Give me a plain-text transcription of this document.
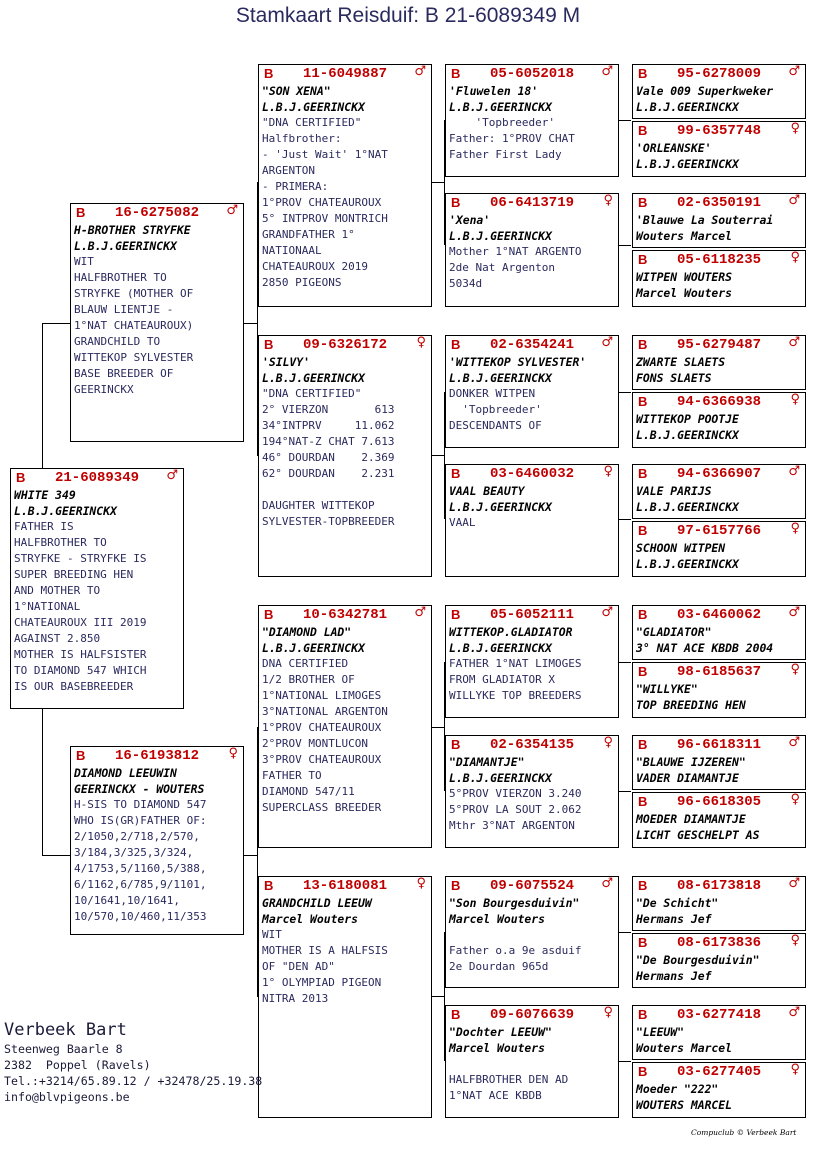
Stamkaart Reisduif: B 21-6089349 M
B	21-6089349	♂
WHITE 349
L.B.J.GEERINCKX
FATHER IS
HALFBROTHER TO
STRYFKE - STRYFKE IS
SUPER BREEDING HEN
AND MOTHER TO
1°NATIONAL
CHATEAUROUX III 2019
AGAINST 2.850
MOTHER IS HALFSISTER
TO DIAMOND 547 WHICH
IS OUR BASEBREEDER
B	16-6275082	♂
H-BROTHER STRYFKE
L.B.J.GEERINCKX
WIT
HALFBROTHER TO
STRYFKE (MOTHER OF
BLAUW LIENTJE -
1°NAT CHATEAUROUX)
GRANDCHILD TO
WITTEKOP SYLVESTER
BASE BREEDER OF
GEERINCKX
B	16-6193812	♀
DIAMOND LEEUWIN
GEERINCKX - WOUTERS
H-SIS TO DIAMOND 547
WHO IS(GR)FATHER OF:
2/1050,2/718,2/570,
3/184,3/325,3/324,
4/1753,5/1160,5/388,
6/1162,6/785,9/1101,
10/1641,10/1641,
10/570,10/460,11/353
B	11-6049887	♂
"SON XENA"
L.B.J.GEERINCKX
"DNA CERTIFIED"
Halfbrother:
- 'Just Wait' 1°NAT
ARGENTON
- PRIMERA:
1°PROV CHATEAUROUX
5° INTPROV MONTRICH
GRANDFATHER 1°
NATIONAAL
CHATEAUROUX 2019
2850 PIGEONS
B	09-6326172	♀
'SILVY'
L.B.J.GEERINCKX
"DNA CERTIFIED"
2° VIERZON       613
34°INTPRV     11.062
194°NAT-Z CHAT 7.613
46° DOURDAN    2.369
62° DOURDAN    2.231

DAUGHTER WITTEKOP
SYLVESTER-TOPBREEDER
B	10-6342781	♂
"DIAMOND LAD"
L.B.J.GEERINCKX
DNA CERTIFIED
1/2 BROTHER OF
1°NATIONAL LIMOGES
3°NATIONAL ARGENTON
1°PROV CHATEAUROUX
2°PROV MONTLUCON
3°PROV CHATEAUROUX
FATHER TO
DIAMOND 547/11
SUPERCLASS BREEDER
B	13-6180081	♀
GRANDCHILD LEEUW
Marcel Wouters
WIT
MOTHER IS A HALFSIS
OF "DEN AD"
1° OLYMPIAD PIGEON
NITRA 2013
B	05-6052018	♂
'Fluwelen 18'
L.B.J.GEERINCKX
'Topbreeder'
Father: 1°PROV CHAT
Father First Lady
B	06-6413719	♀
'Xena'
L.B.J.GEERINCKX
Mother 1°NAT ARGENTO
2de Nat Argenton
5034d
B	02-6354241	♂
'WITTEKOP SYLVESTER'
L.B.J.GEERINCKX
DONKER WITPEN
'Topbreeder'
DESCENDANTS OF
B	03-6460032	♀
VAAL BEAUTY
L.B.J.GEERINCKX
VAAL
B	05-6052111	♂
WITTEKOP.GLADIATOR
L.B.J.GEERINCKX
FATHER 1°NAT LIMOGES
FROM GLADIATOR X
WILLYKE TOP BREEDERS
B	02-6354135	♀
"DIAMANTJE"
L.B.J.GEERINCKX
5°PROV VIERZON 3.240
5°PROV LA SOUT 2.062
Mthr 3°NAT ARGENTON
B	09-6075524	♂
"Son Bourgesduivin"
Marcel Wouters

Father o.a 9e asduif
2e Dourdan 965d
B	09-6076639	♀
"Dochter LEEUW"
Marcel Wouters

HALFBROTHER DEN AD
1°NAT ACE KBDB
B	95-6278009	♂
Vale 009 Superkweker
L.B.J.GEERINCKX
B	99-6357748	♀
'ORLEANSKE'
L.B.J.GEERINCKX
B	02-6350191	♂
'Blauwe La Souterrai
Wouters Marcel
B	05-6118235	♀
WITPEN WOUTERS
Marcel Wouters
B	95-6279487	♂
ZWARTE SLAETS
FONS SLAETS
B	94-6366938	♀
WITTEKOP POOTJE
L.B.J.GEERINCKX
B	94-6366907	♂
VALE PARIJS
L.B.J.GEERINCKX
B	97-6157766	♀
SCHOON WITPEN
L.B.J.GEERINCKX
B	03-6460062	♂
"GLADIATOR"
3° NAT ACE KBDB 2004
B	98-6185637	♀
"WILLYKE"
TOP BREEDING HEN
B	96-6618311	♂
"BLAUWE IJZEREN"
VADER DIAMANTJE
B	96-6618305	♀
MOEDER DIAMANTJE
LICHT GESCHELPT AS
B	08-6173818	♂
"De Schicht"
Hermans Jef
B	08-6173836	♀
"De Bourgesduivin"
Hermans Jef
B	03-6277418	♂
"LEEUW"
Wouters Marcel
B	03-6277405	♀
Moeder "222"
WOUTERS MARCEL
Verbeek Bart
Steenweg Baarle 8
2382  Poppel (Ravels)
Tel.:+3214/65.89.12 / +32478/25.19.38
info@blvpigeons.be
Compuclub © Verbeek Bart
